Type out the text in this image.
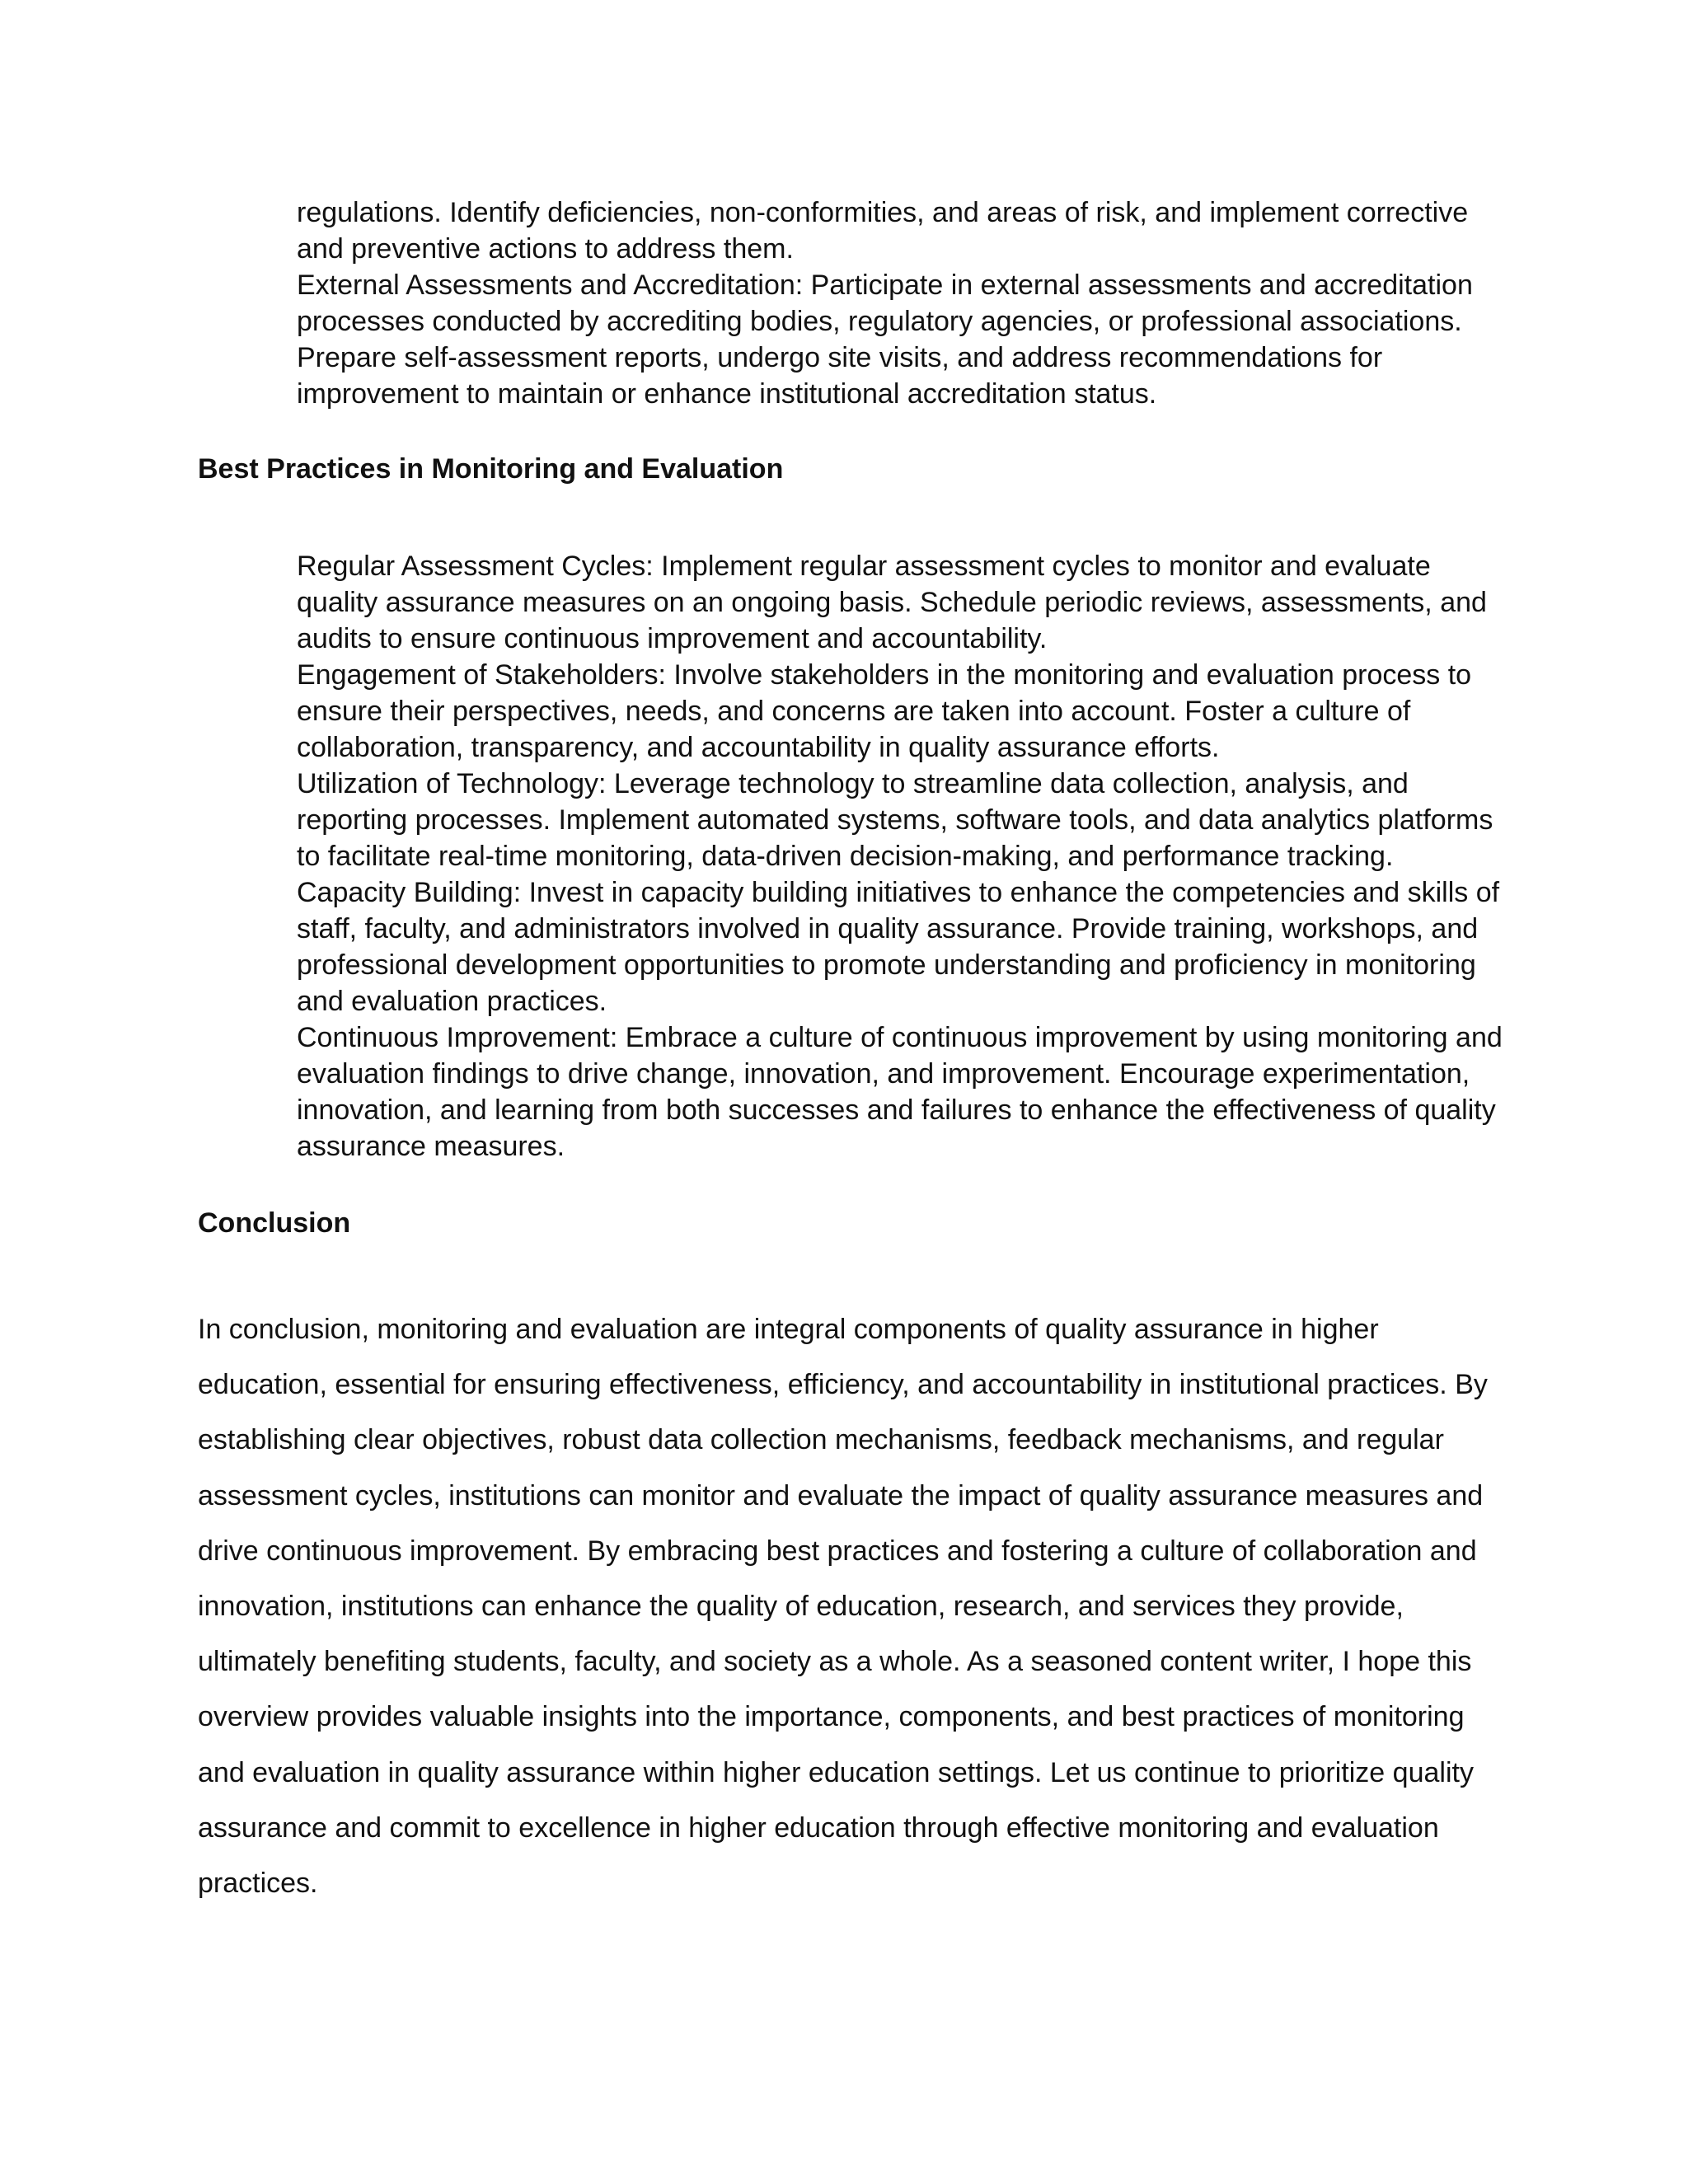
regulations. Identify deficiencies, non-conformities, and areas of risk, and implement corrective
and preventive actions to address them.
External Assessments and Accreditation: Participate in external assessments and accreditation
processes conducted by accrediting bodies, regulatory agencies, or professional associations.
Prepare self-assessment reports, undergo site visits, and address recommendations for
improvement to maintain or enhance institutional accreditation status.
Best Practices in Monitoring and Evaluation
Regular Assessment Cycles: Implement regular assessment cycles to monitor and evaluate
quality assurance measures on an ongoing basis. Schedule periodic reviews, assessments, and
audits to ensure continuous improvement and accountability.
Engagement of Stakeholders: Involve stakeholders in the monitoring and evaluation process to
ensure their perspectives, needs, and concerns are taken into account. Foster a culture of
collaboration, transparency, and accountability in quality assurance efforts.
Utilization of Technology: Leverage technology to streamline data collection, analysis, and
reporting processes. Implement automated systems, software tools, and data analytics platforms
to facilitate real-time monitoring, data-driven decision-making, and performance tracking.
Capacity Building: Invest in capacity building initiatives to enhance the competencies and skills of
staff, faculty, and administrators involved in quality assurance. Provide training, workshops, and
professional development opportunities to promote understanding and proficiency in monitoring
and evaluation practices.
Continuous Improvement: Embrace a culture of continuous improvement by using monitoring and
evaluation findings to drive change, innovation, and improvement. Encourage experimentation,
innovation, and learning from both successes and failures to enhance the effectiveness of quality
assurance measures.
Conclusion
In conclusion, monitoring and evaluation are integral components of quality assurance in higher
education, essential for ensuring effectiveness, efficiency, and accountability in institutional practices. By
establishing clear objectives, robust data collection mechanisms, feedback mechanisms, and regular
assessment cycles, institutions can monitor and evaluate the impact of quality assurance measures and
drive continuous improvement. By embracing best practices and fostering a culture of collaboration and
innovation, institutions can enhance the quality of education, research, and services they provide,
ultimately benefiting students, faculty, and society as a whole. As a seasoned content writer, I hope this
overview provides valuable insights into the importance, components, and best practices of monitoring
and evaluation in quality assurance within higher education settings. Let us continue to prioritize quality
assurance and commit to excellence in higher education through effective monitoring and evaluation
practices.
